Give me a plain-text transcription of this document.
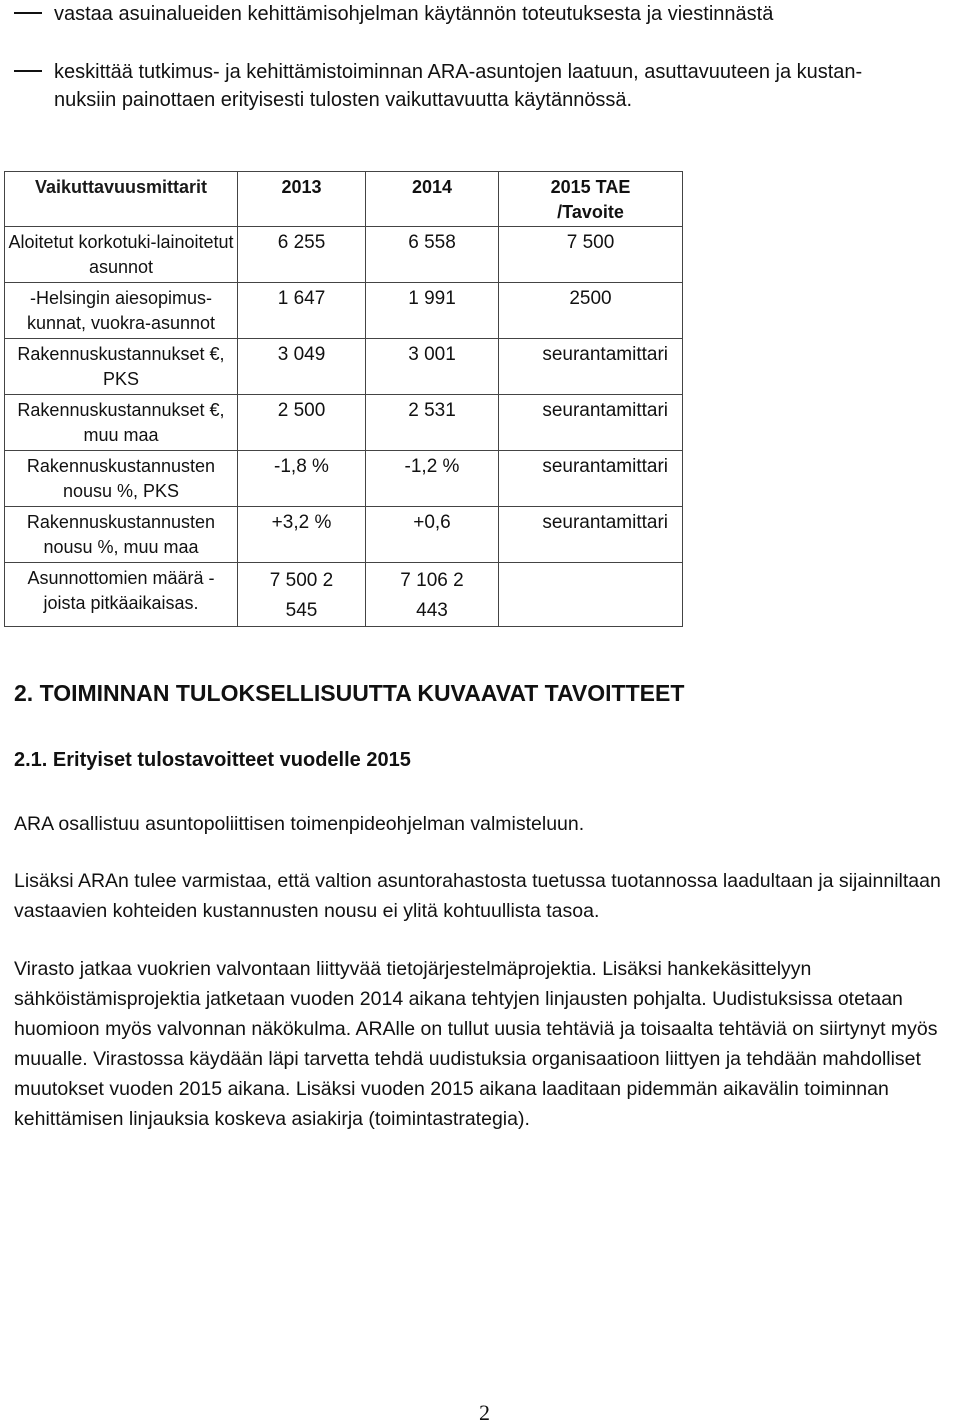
vastaa asuinalueiden kehittämisohjelman käytännön toteutuksesta ja viestinnästä
keskittää tutkimus- ja kehittämistoiminnan ARA-asuntojen laatuun, asuttavuuteen ja kustan-
nuksiin painottaen erityisesti tulosten vaikuttavuutta käytännössä.
Vaikuttavuusmittarit	2013	2014	2015 TAE /Tavoite
Aloitetut korkotuki-lainoitetut asunnot	6 255	6 558	7 500
-Helsingin aiesopimus-kunnat, vuokra-asunnot	1 647	1 991	2500
Rakennuskustannukset €, PKS	3 049	3 001	seurantamittari
Rakennuskustannukset €, muu maa	2 500	2 531	seurantamittari
Rakennuskustannusten nousu %, PKS	-1,8 %	-1,2 %	seurantamittari
Rakennuskustannusten nousu %, muu maa	+3,2 %	+0,6	seurantamittari
Asunnottomien määrä -joista pitkäaikaisas.	7 500 2 545	7 106 2 443	
2. TOIMINNAN TULOKSELLISUUTTA KUVAAVAT TAVOITTEET
2.1. Erityiset tulostavoitteet vuodelle 2015
ARA osallistuu asuntopoliittisen toimenpideohjelman valmisteluun.
Lisäksi ARAn tulee varmistaa, että valtion asuntorahastosta tuetussa tuotannossa laadultaan ja sijainniltaan vastaavien kohteiden kustannusten nousu ei ylitä kohtuullista tasoa.
Virasto jatkaa vuokrien valvontaan liittyvää tietojärjestelmäprojektia. Lisäksi hankekäsittelyyn sähköistämisprojektia jatketaan vuoden 2014 aikana tehtyjen linjausten pohjalta. Uudistuksissa otetaan huomioon myös valvonnan näkökulma. ARAlle on tullut uusia tehtäviä ja toisaalta tehtäviä on siirtynyt myös muualle. Virastossa käydään läpi tarvetta tehdä uudistuksia organisaatioon liittyen ja tehdään mahdolliset muutokset vuoden 2015 aikana. Lisäksi vuoden 2015 aikana laaditaan pidemmän aikavälin toiminnan kehittämisen linjauksia koskeva asiakirja (toimintastrategia).
2
